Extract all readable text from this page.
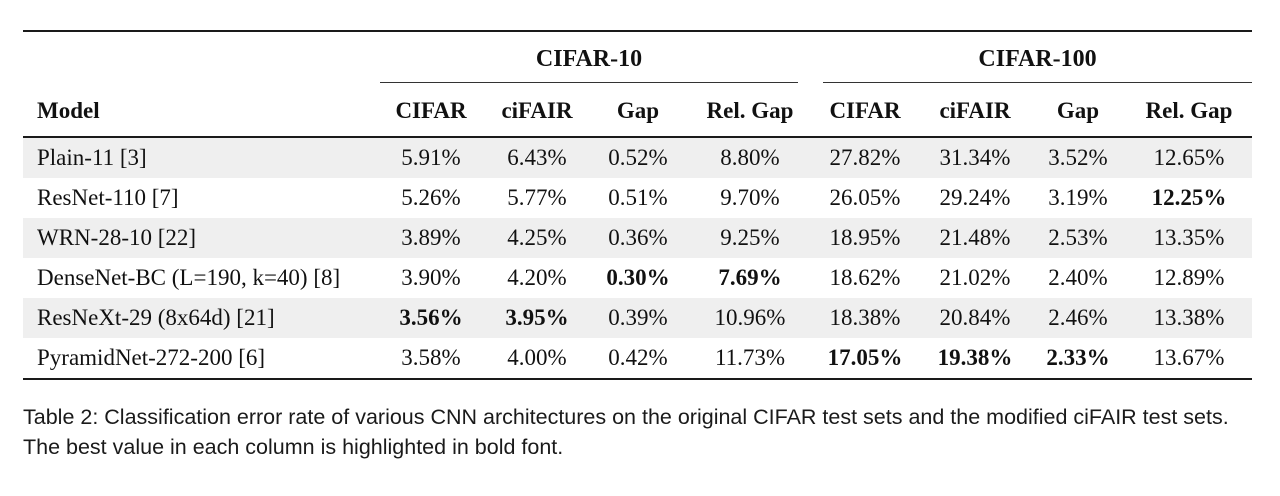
CIFAR-10	CIFAR-100
Model	CIFAR	ciFAIR	Gap	Rel. Gap	CIFAR	ciFAIR	Gap	Rel. Gap
Plain-11 [3]	5.91%	6.43%	0.52%	8.80%	27.82%	31.34%	3.52%	12.65%
ResNet-110 [7]	5.26%	5.77%	0.51%	9.70%	26.05%	29.24%	3.19%	12.25%
WRN-28-10 [22]	3.89%	4.25%	0.36%	9.25%	18.95%	21.48%	2.53%	13.35%
DenseNet-BC (L=190, k=40) [8]	3.90%	4.20%	0.30%	7.69%	18.62%	21.02%	2.40%	12.89%
ResNeXt-29 (8x64d) [21]	3.56%	3.95%	0.39%	10.96%	18.38%	20.84%	2.46%	13.38%
PyramidNet-272-200 [6]	3.58%	4.00%	0.42%	11.73%	17.05%	19.38%	2.33%	13.67%
Table 2: Classification error rate of various CNN architectures on the original CIFAR test sets and the modified ciFAIR test sets. The best value in each column is highlighted in bold font.
